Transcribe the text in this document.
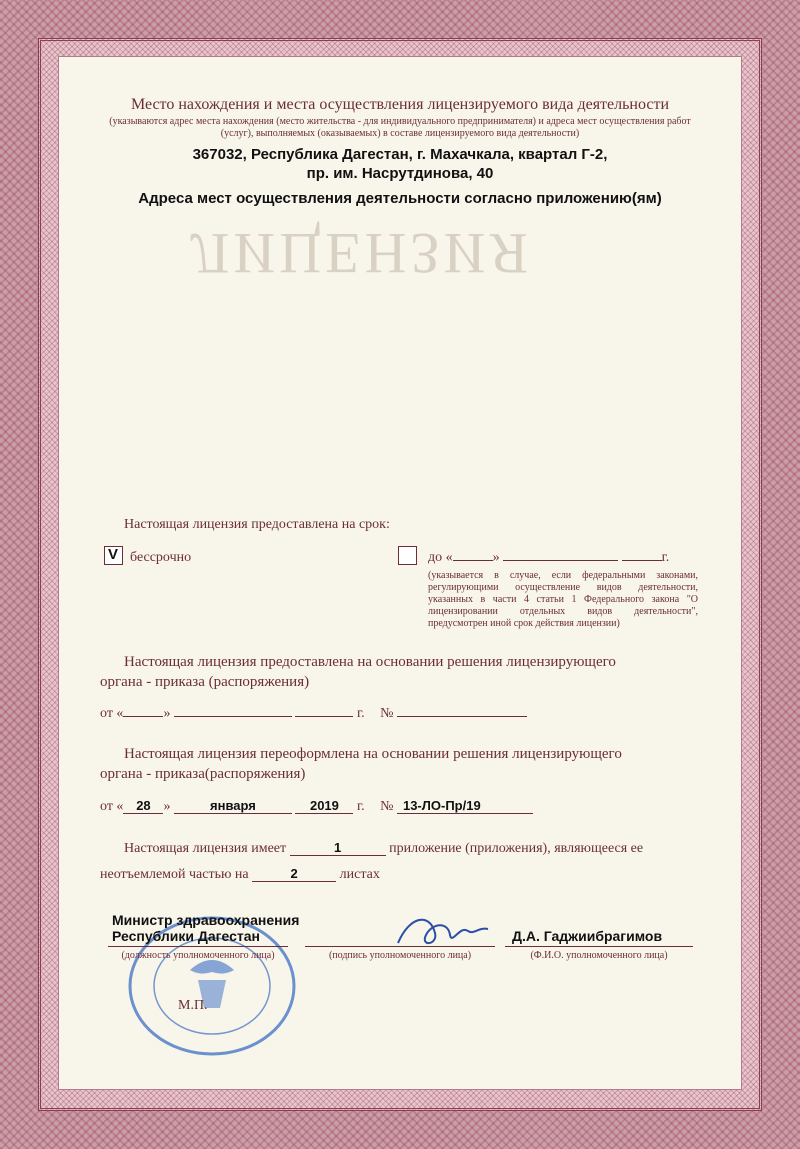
ЛИЦЕНЗИЯ
Место нахождения и места осуществления лицензируемого вида деятельности
(указываются адрес места нахождения (место жительства - для индивидуального предпринимателя) и адреса мест осуществления работ (услуг), выполняемых (оказываемых) в составе лицензируемого вида деятельности)
367032, Республика Дагестан, г. Махачкала, квартал Г-2,
пр. им. Насрутдинова, 40
Адреса мест осуществления деятельности согласно приложению(ям)
Настоящая лицензия предоставлена на срок:
V бессрочно	до «	»	г.
(указывается в случае, если федеральными законами, регулирующими осуществление видов деятельности, указанных в части 4 статьи 1 Федерального закона "О лицензировании отдельных видов деятельности", предусмотрен иной срок действия лицензии)
Настоящая лицензия предоставлена на основании решения лицензирующего
органа - приказа (распоряжения)
от «	»	г. №
Настоящая лицензия переоформлена на основании решения лицензирующего
органа - приказа(распоряжения)
от « 28 »	января	2019 г. № 13-ЛО-Пр/19
Настоящая лицензия имеет	1	приложение (приложения), являющееся ее
неотъемлемой частью на	2	листах
Министр здравоохранения
Республики Дагестан
(должность уполномоченного лица)	(подпись уполномоченного лица)
Д.А. Гаджиибрагимов
(Ф.И.О. уполномоченного лица)
М.П.
